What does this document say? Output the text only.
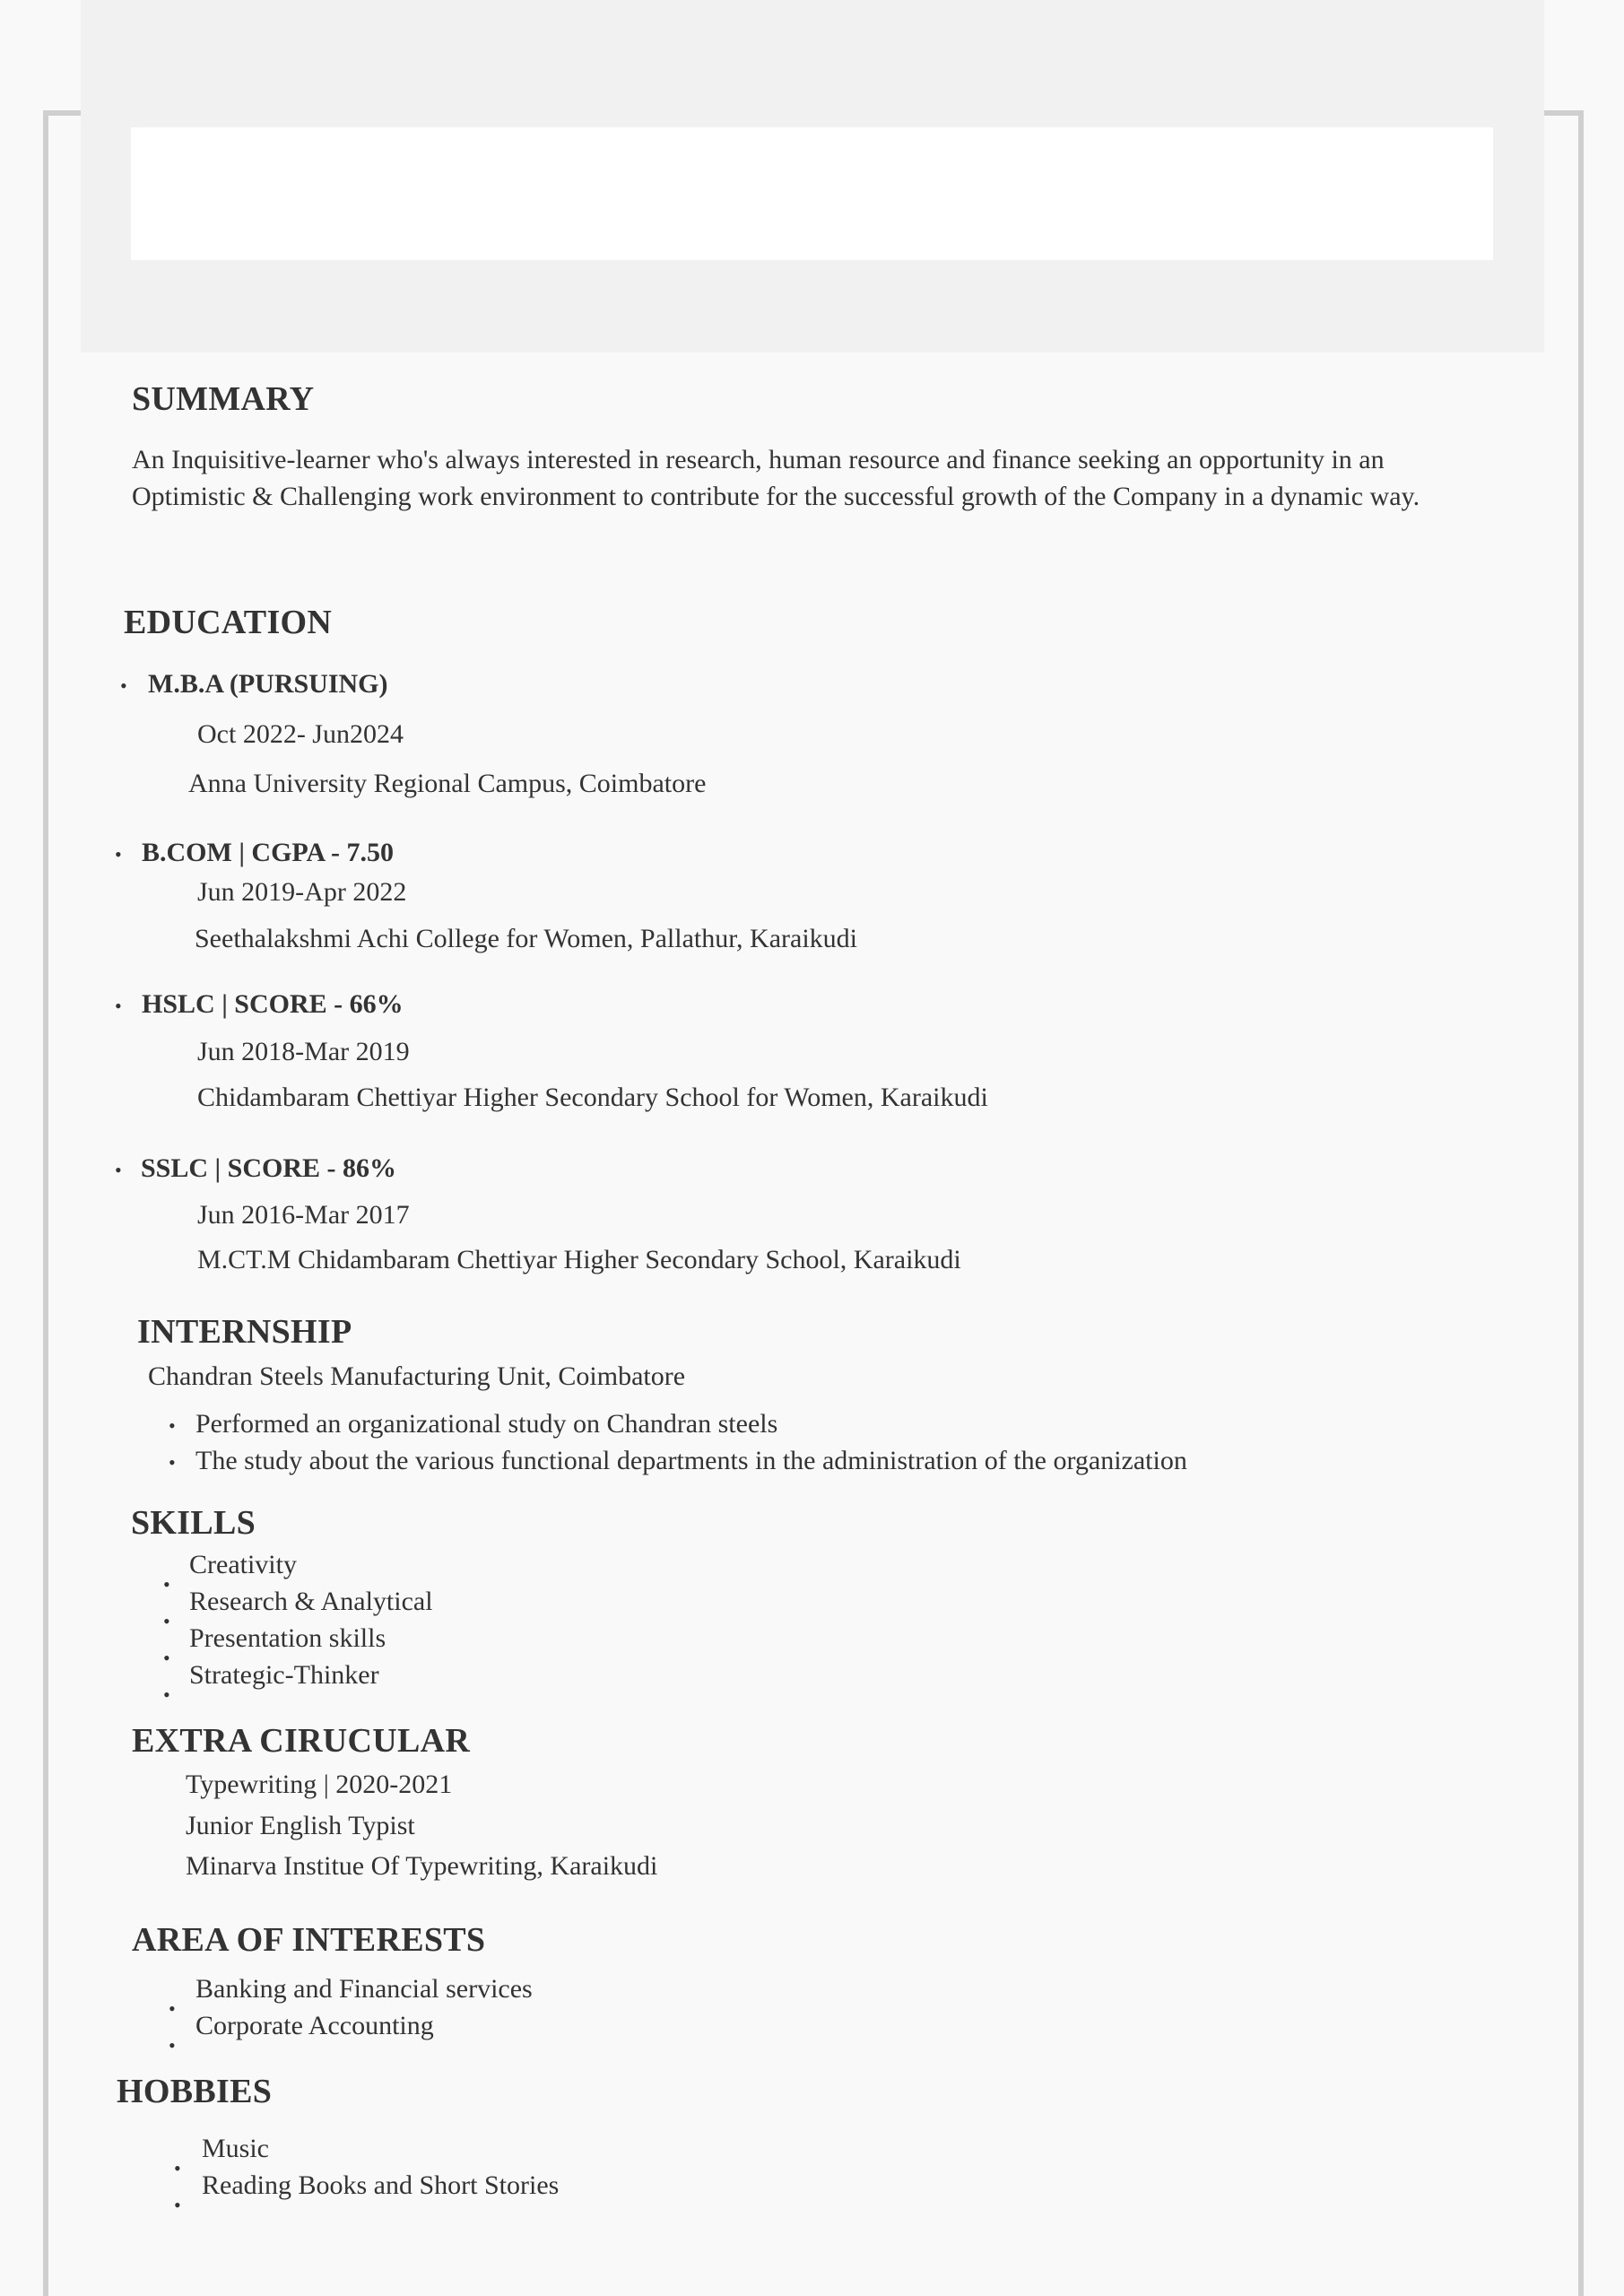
SUMMARY
An Inquisitive-learner who's always interested in research, human resource and finance seeking an opportunity in an Optimistic & Challenging work environment to contribute for the successful growth of the Company in a dynamic way.
EDUCATION
• M.B.A (PURSUING)
Oct 2022- Jun2024
Anna University Regional Campus, Coimbatore
• B.COM | CGPA - 7.50
Jun 2019-Apr 2022
Seethalakshmi Achi College for Women, Pallathur, Karaikudi
• HSLC | SCORE - 66%
Jun 2018-Mar 2019
Chidambaram Chettiyar Higher Secondary School for Women, Karaikudi
• SSLC | SCORE - 86%
Jun 2016-Mar 2017
M.CT.M Chidambaram Chettiyar Higher Secondary School, Karaikudi
INTERNSHIP
Chandran Steels Manufacturing Unit, Coimbatore
• Performed an organizational study on Chandran steels
• The study about the various functional departments in the administration of the organization
SKILLS
•
Creativity
•
Research & Analytical
•
Presentation skills
•
Strategic-Thinker
EXTRA CIRUCULAR
Typewriting | 2020-2021
Junior English Typist
Minarva Institue Of Typewriting, Karaikudi
AREA OF INTERESTS
•
Banking and Financial services
•
Corporate Accounting
HOBBIES
•
Music
•
Reading Books and Short Stories
